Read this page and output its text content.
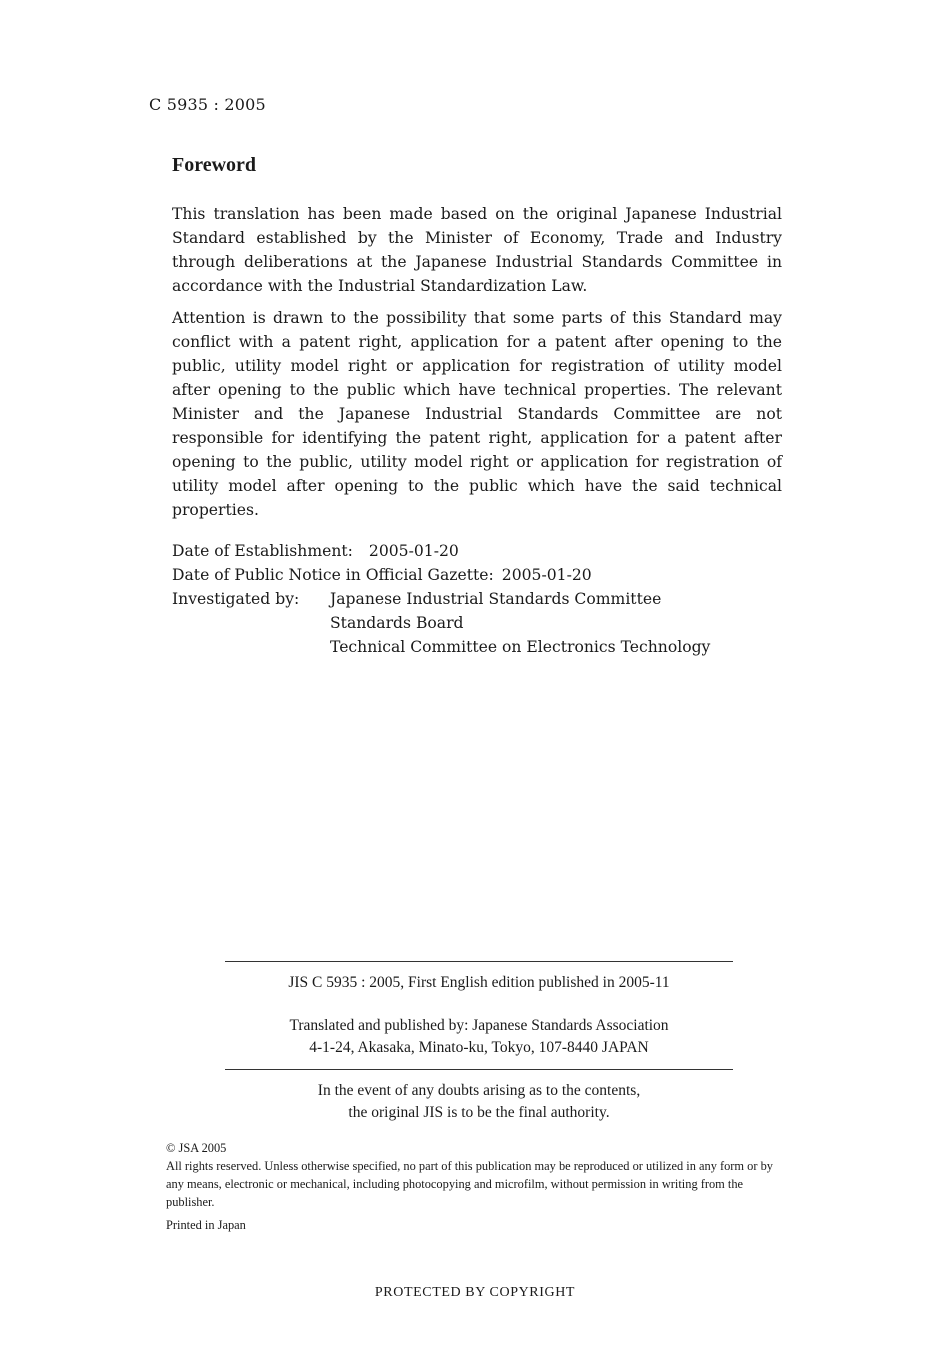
C 5935 : 2005
Foreword

This translation has been made based on the original Japanese Industrial Standard established by the Minister of Economy, Trade and Industry through deliberations at the Japanese Industrial Standards Committee in accordance with the Industrial Standardization Law.

Attention is drawn to the possibility that some parts of this Standard may conflict with a patent right, application for a patent after opening to the public, utility model right or application for registration of utility model after opening to the public which have technical properties. The relevant Minister and the Japanese Industrial Standards Committee are not responsible for identifying the patent right, application for a patent after opening to the public, utility model right or application for registration of utility model after opening to the public which have the said technical properties.

Date of Establishment: 2005-01-20
Date of Public Notice in Official Gazette: 2005-01-20
Investigated by:	Japanese Industrial Standards Committee
Standards Board
Technical Committee on Electronics Technology
JIS C 5935 : 2005, First English edition published in 2005-11
Translated and published by: Japanese Standards Association
4-1-24, Akasaka, Minato-ku, Tokyo, 107-8440 JAPAN
In the event of any doubts arising as to the contents,
the original JIS is to be the final authority.

© JSA 2005

All rights reserved. Unless otherwise specified, no part of this publication may be reproduced or utilized in any form or by any means, electronic or mechanical, including photocopying and microfilm, without permission in writing from the publisher.

Printed in Japan
PROTECTED BY COPYRIGHT
